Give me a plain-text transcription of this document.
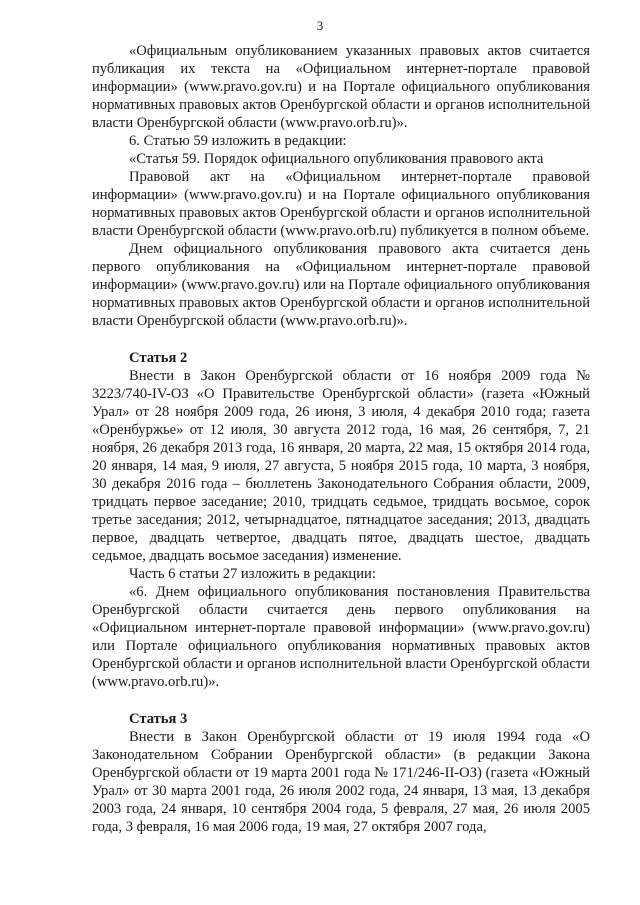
3

«Официальным опубликованием указанных правовых актов считается публикация их текста на «Официальном интернет-портале правовой информации» (www.pravo.gov.ru) и на Портале официального опубликования нормативных правовых актов Оренбургской области и органов исполнительной власти Оренбургской области (www.pravo.orb.ru)».

6. Статью 59 изложить в редакции:

«Статья 59. Порядок официального опубликования правового акта

Правовой акт на «Официальном интернет-портале правовой информации» (www.pravo.gov.ru) и на Портале официального опубликования нормативных правовых актов Оренбургской области и органов исполнительной власти Оренбургской области (www.pravo.orb.ru) публикуется в полном объеме.

Днем официального опубликования правового акта считается день первого опубликования на «Официальном интернет-портале правовой информации» (www.pravo.gov.ru) или на Портале официального опубликования нормативных правовых актов Оренбургской области и органов исполнительной власти Оренбургской области (www.pravo.orb.ru)».

Статья 2

Внести в Закон Оренбургской области от 16 ноября 2009 года № 3223/740-IV-ОЗ «О Правительстве Оренбургской области» (газета «Южный Урал» от 28 ноября 2009 года, 26 июня, 3 июля, 4 декабря 2010 года; газета «Оренбуржье» от 12 июля, 30 августа 2012 года, 16 мая, 26 сентября, 7, 21 ноября, 26 декабря 2013 года, 16 января, 20 марта, 22 мая, 15 октября 2014 года, 20 января, 14 мая, 9 июля, 27 августа, 5 ноября 2015 года, 10 марта, 3 ноября, 30 декабря 2016 года – бюллетень Законодательного Собрания области, 2009, тридцать первое заседание; 2010, тридцать седьмое, тридцать восьмое, сорок третье заседания; 2012, четырнадцатое, пятнадцатое заседания; 2013, двадцать первое, двадцать четвертое, двадцать пятое, двадцать шестое, двадцать седьмое, двадцать восьмое заседания) изменение.

Часть 6 статьи 27 изложить в редакции:

«6. Днем официального опубликования постановления Правительства Оренбургской области считается день первого опубликования на «Официальном интернет-портале правовой информации» (www.pravo.gov.ru) или Портале официального опубликования нормативных правовых актов Оренбургской области и органов исполнительной власти Оренбургской области (www.pravo.orb.ru)».

Статья 3

Внести в Закон Оренбургской области от 19 июля 1994 года «О Законодательном Собрании Оренбургской области» (в редакции Закона Оренбургской области от 19 марта 2001 года № 171/246-II-ОЗ) (газета «Южный Урал» от 30 марта 2001 года, 26 июля 2002 года, 24 января, 13 мая, 13 декабря 2003 года, 24 января, 10 сентября 2004 года, 5 февраля, 27 мая, 26 июля 2005 года, 3 февраля, 16 мая 2006 года, 19 мая, 27 октября 2007 года,
